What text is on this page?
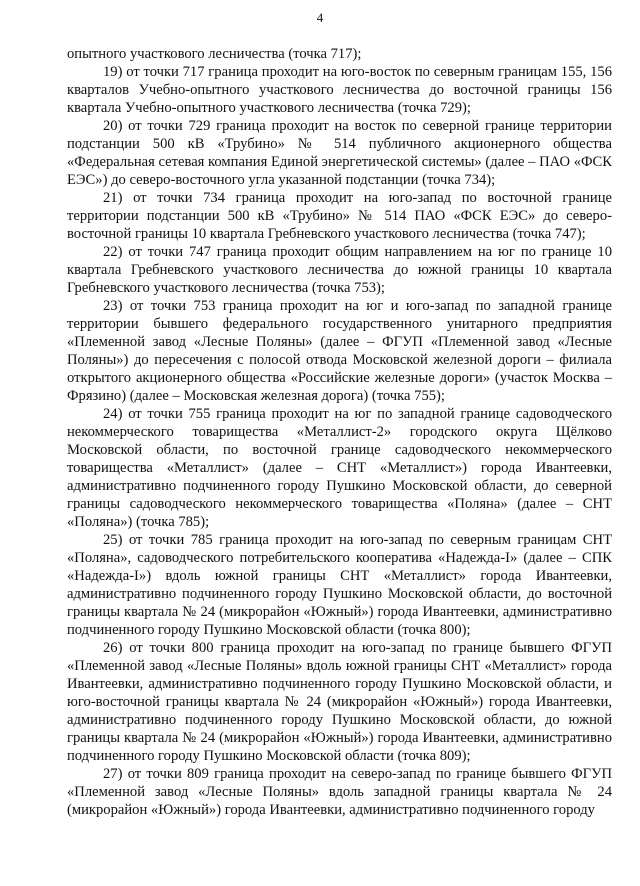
4

опытного участкового лесничества (точка 717);

19) от точки 717 граница проходит на юго-восток по северным границам 155, 156 кварталов Учебно-опытного участкового лесничества до восточной границы 156 квартала Учебно-опытного участкового лесничества (точка 729);

20) от точки 729 граница проходит на восток по северной границе территории подстанции 500 кВ «Трубино» № 514 публичного акционерного общества «Федеральная сетевая компания Единой энергетической системы» (далее – ПАО «ФСК ЕЭС») до северо-восточного угла указанной подстанции (точка 734);

21) от точки 734 граница проходит на юго-запад по восточной границе территории подстанции 500 кВ «Трубино» № 514 ПАО «ФСК ЕЭС» до северо-восточной границы 10 квартала Гребневского участкового лесничества (точка 747);

22) от точки 747 граница проходит общим направлением на юг по границе 10 квартала Гребневского участкового лесничества до южной границы 10 квартала Гребневского участкового лесничества (точка 753);

23) от точки 753 граница проходит на юг и юго-запад по западной границе территории бывшего федерального государственного унитарного предприятия «Племенной завод «Лесные Поляны» (далее – ФГУП «Племенной завод «Лесные Поляны») до пересечения с полосой отвода Московской железной дороги – филиала открытого акционерного общества «Российские железные дороги» (участок Москва – Фрязино) (далее – Московская железная дорога) (точка 755);

24) от точки 755 граница проходит на юг по западной границе садоводческого некоммерческого товарищества «Металлист-2» городского округа Щёлково Московской области, по восточной границе садоводческого некоммерческого товарищества «Металлист» (далее – СНТ «Металлист») города Ивантеевки, административно подчиненного городу Пушкино Московской области, до северной границы садоводческого некоммерческого товарищества «Поляна» (далее – СНТ «Поляна») (точка 785);

25) от точки 785 граница проходит на юго-запад по северным границам СНТ «Поляна», садоводческого потребительского кооператива «Надежда-I» (далее – СПК «Надежда-I») вдоль южной границы СНТ «Металлист» города Ивантеевки, административно подчиненного городу Пушкино Московской области, до восточной границы квартала № 24 (микрорайон «Южный») города Ивантеевки, административно подчиненного городу Пушкино Московской области (точка 800);

26) от точки 800 граница проходит на юго-запад по границе бывшего ФГУП «Племенной завод «Лесные Поляны» вдоль южной границы СНТ «Металлист» города Ивантеевки, административно подчиненного городу Пушкино Московской области, и юго-восточной границы квартала № 24 (микрорайон «Южный») города Ивантеевки, административно подчиненного городу Пушкино Московской области, до южной границы квартала № 24 (микрорайон «Южный») города Ивантеевки, административно подчиненного городу Пушкино Московской области (точка 809);

27) от точки 809 граница проходит на северо-запад по границе бывшего ФГУП «Племенной завод «Лесные Поляны» вдоль западной границы квартала № 24 (микрорайон «Южный») города Ивантеевки, административно подчиненного городу
